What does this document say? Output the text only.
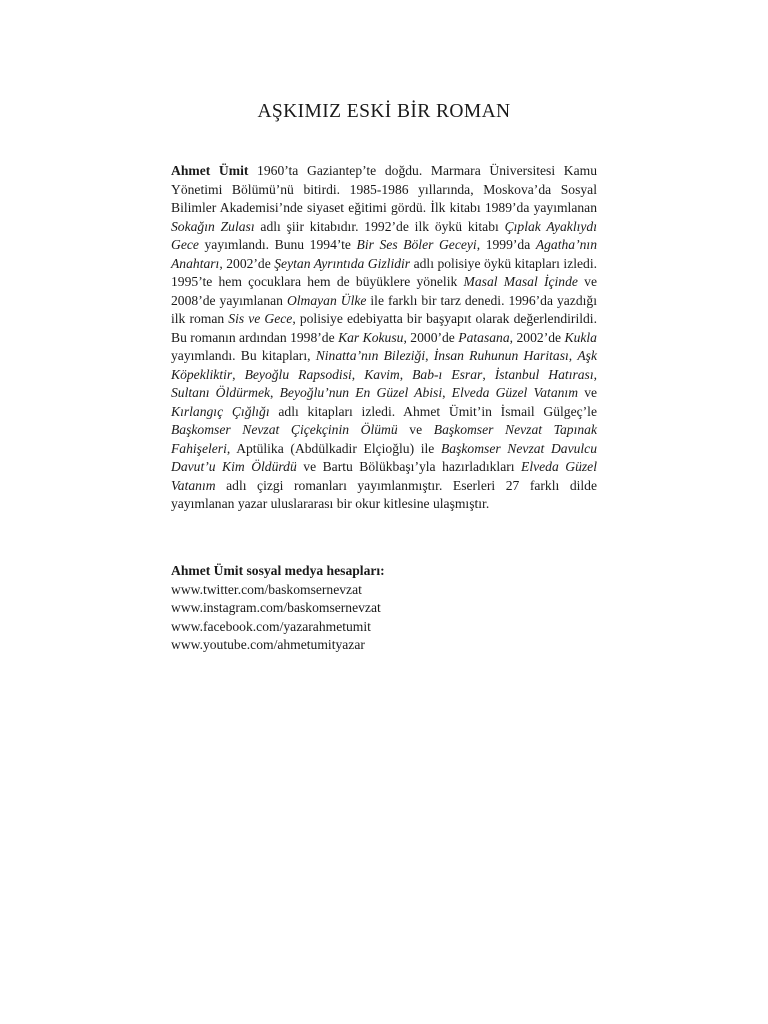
AŞKIMIZ ESKİ BİR ROMAN

Ahmet Ümit 1960’ta Gaziantep’te doğdu. Marmara Üniversitesi Kamu Yönetimi Bölümü’nü bitirdi. 1985-1986 yıllarında, Moskova’da Sosyal Bilimler Akademisi’nde siyaset eğitimi gördü. İlk kitabı 1989’da yayımlanan Sokağın Zulası adlı şiir kitabıdır. 1992’de ilk öykü kitabı Çıplak Ayaklıydı Gece yayımlandı. Bunu 1994’te Bir Ses Böler Geceyi, 1999’da Agatha’nın Anahtarı, 2002’de Şeytan Ayrıntıda Gizlidir adlı polisiye öykü kitapları izledi. 1995’te hem çocuklara hem de büyüklere yönelik Masal Masal İçinde ve 2008’de yayımlanan Olmayan Ülke ile farklı bir tarz denedi. 1996’da yazdığı ilk roman Sis ve Gece, polisiye edebiyatta bir başyapıt olarak değerlendirildi. Bu romanın ardından 1998’de Kar Kokusu, 2000’de Patasana, 2002’de Kukla yayımlandı. Bu kitapları, Ninatta’nın Bileziği, İnsan Ruhunun Haritası, Aşk Köpekliktir, Beyoğlu Rapsodisi, Kavim, Bab-ı Esrar, İstanbul Hatırası, Sultanı Öldürmek, Beyoğlu’nun En Güzel Abisi, Elveda Güzel Vatanım ve Kırlangıç Çığlığı adlı kitapları izledi. Ahmet Ümit’in İsmail Gülgeç’le Başkomser Nevzat Çiçekçinin Ölümü ve Başkomser Nevzat Tapınak Fahişeleri, Aptülika (Abdülkadir Elçioğlu) ile Başkomser Nevzat Davulcu Davut’u Kim Öldürdü ve Bartu Bölükbaşı’yla hazırladıkları Elveda Güzel Vatanım adlı çizgi romanları yayımlanmıştır. Eserleri 27 farklı dilde yayımlanan yazar uluslararası bir okur kitlesine ulaşmıştır.

Ahmet Ümit sosyal medya hesapları:
www.twitter.com/baskomsernevzat
www.instagram.com/baskomsernevzat
www.facebook.com/yazarahmetumit
www.youtube.com/ahmetumityazar
